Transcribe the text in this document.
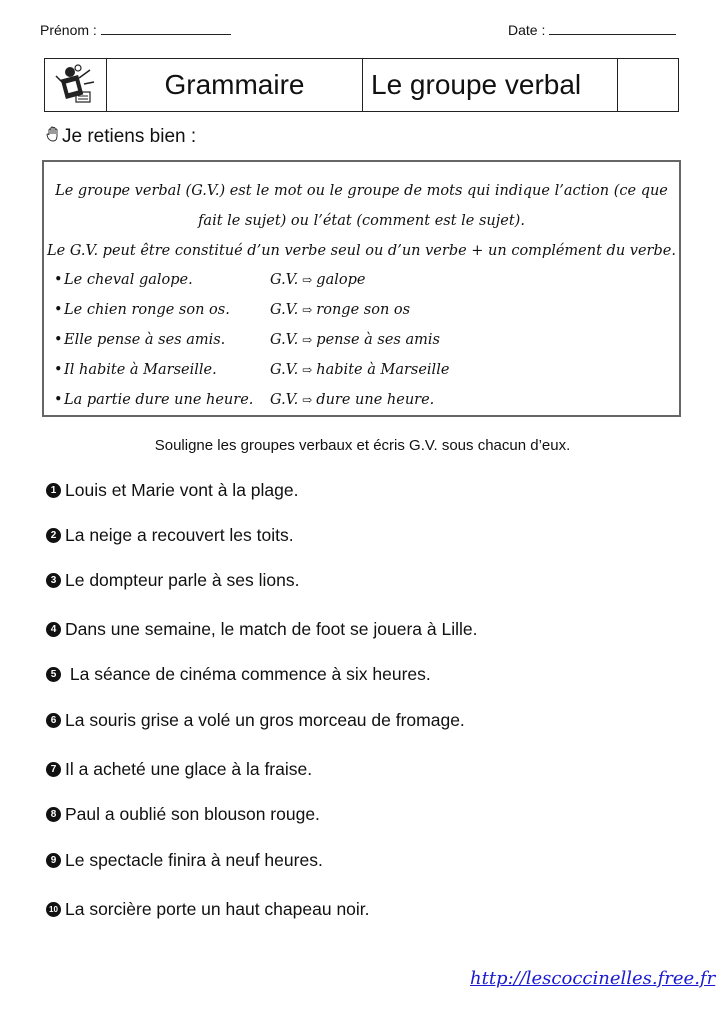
Prénom :	Date :
Grammaire	Le groupe verbal
Je retiens bien :
Le groupe verbal (G.V.) est le mot ou le groupe de mots qui indique l’action (ce que
fait le sujet) ou l’état (comment est le sujet).
Le G.V. peut être constitué d’un verbe seul ou d’un verbe + un complément du verbe.
• Le cheval galope.	G.V. ⇨ galope
• Le chien ronge son os.	G.V. ⇨ ronge son os
• Elle pense à ses amis.	G.V. ⇨ pense à ses amis
• Il habite à Marseille.	G.V. ⇨ habite à Marseille
• La partie dure une heure. G.V. ⇨ dure une heure.
Souligne les groupes verbaux et écris G.V. sous chacun d’eux.
1 Louis et Marie vont à la plage.
2 La neige a recouvert les toits.
3 Le dompteur parle à ses lions.
4 Dans une semaine, le match de foot se jouera à Lille.
5 La séance de cinéma commence à six heures.
6 La souris grise a volé un gros morceau de fromage.
7 Il a acheté une glace à la fraise.
8 Paul a oublié son blouson rouge.
9 Le spectacle finira à neuf heures.
10 La sorcière porte un haut chapeau noir.
http://lescoccinelles.free.fr
